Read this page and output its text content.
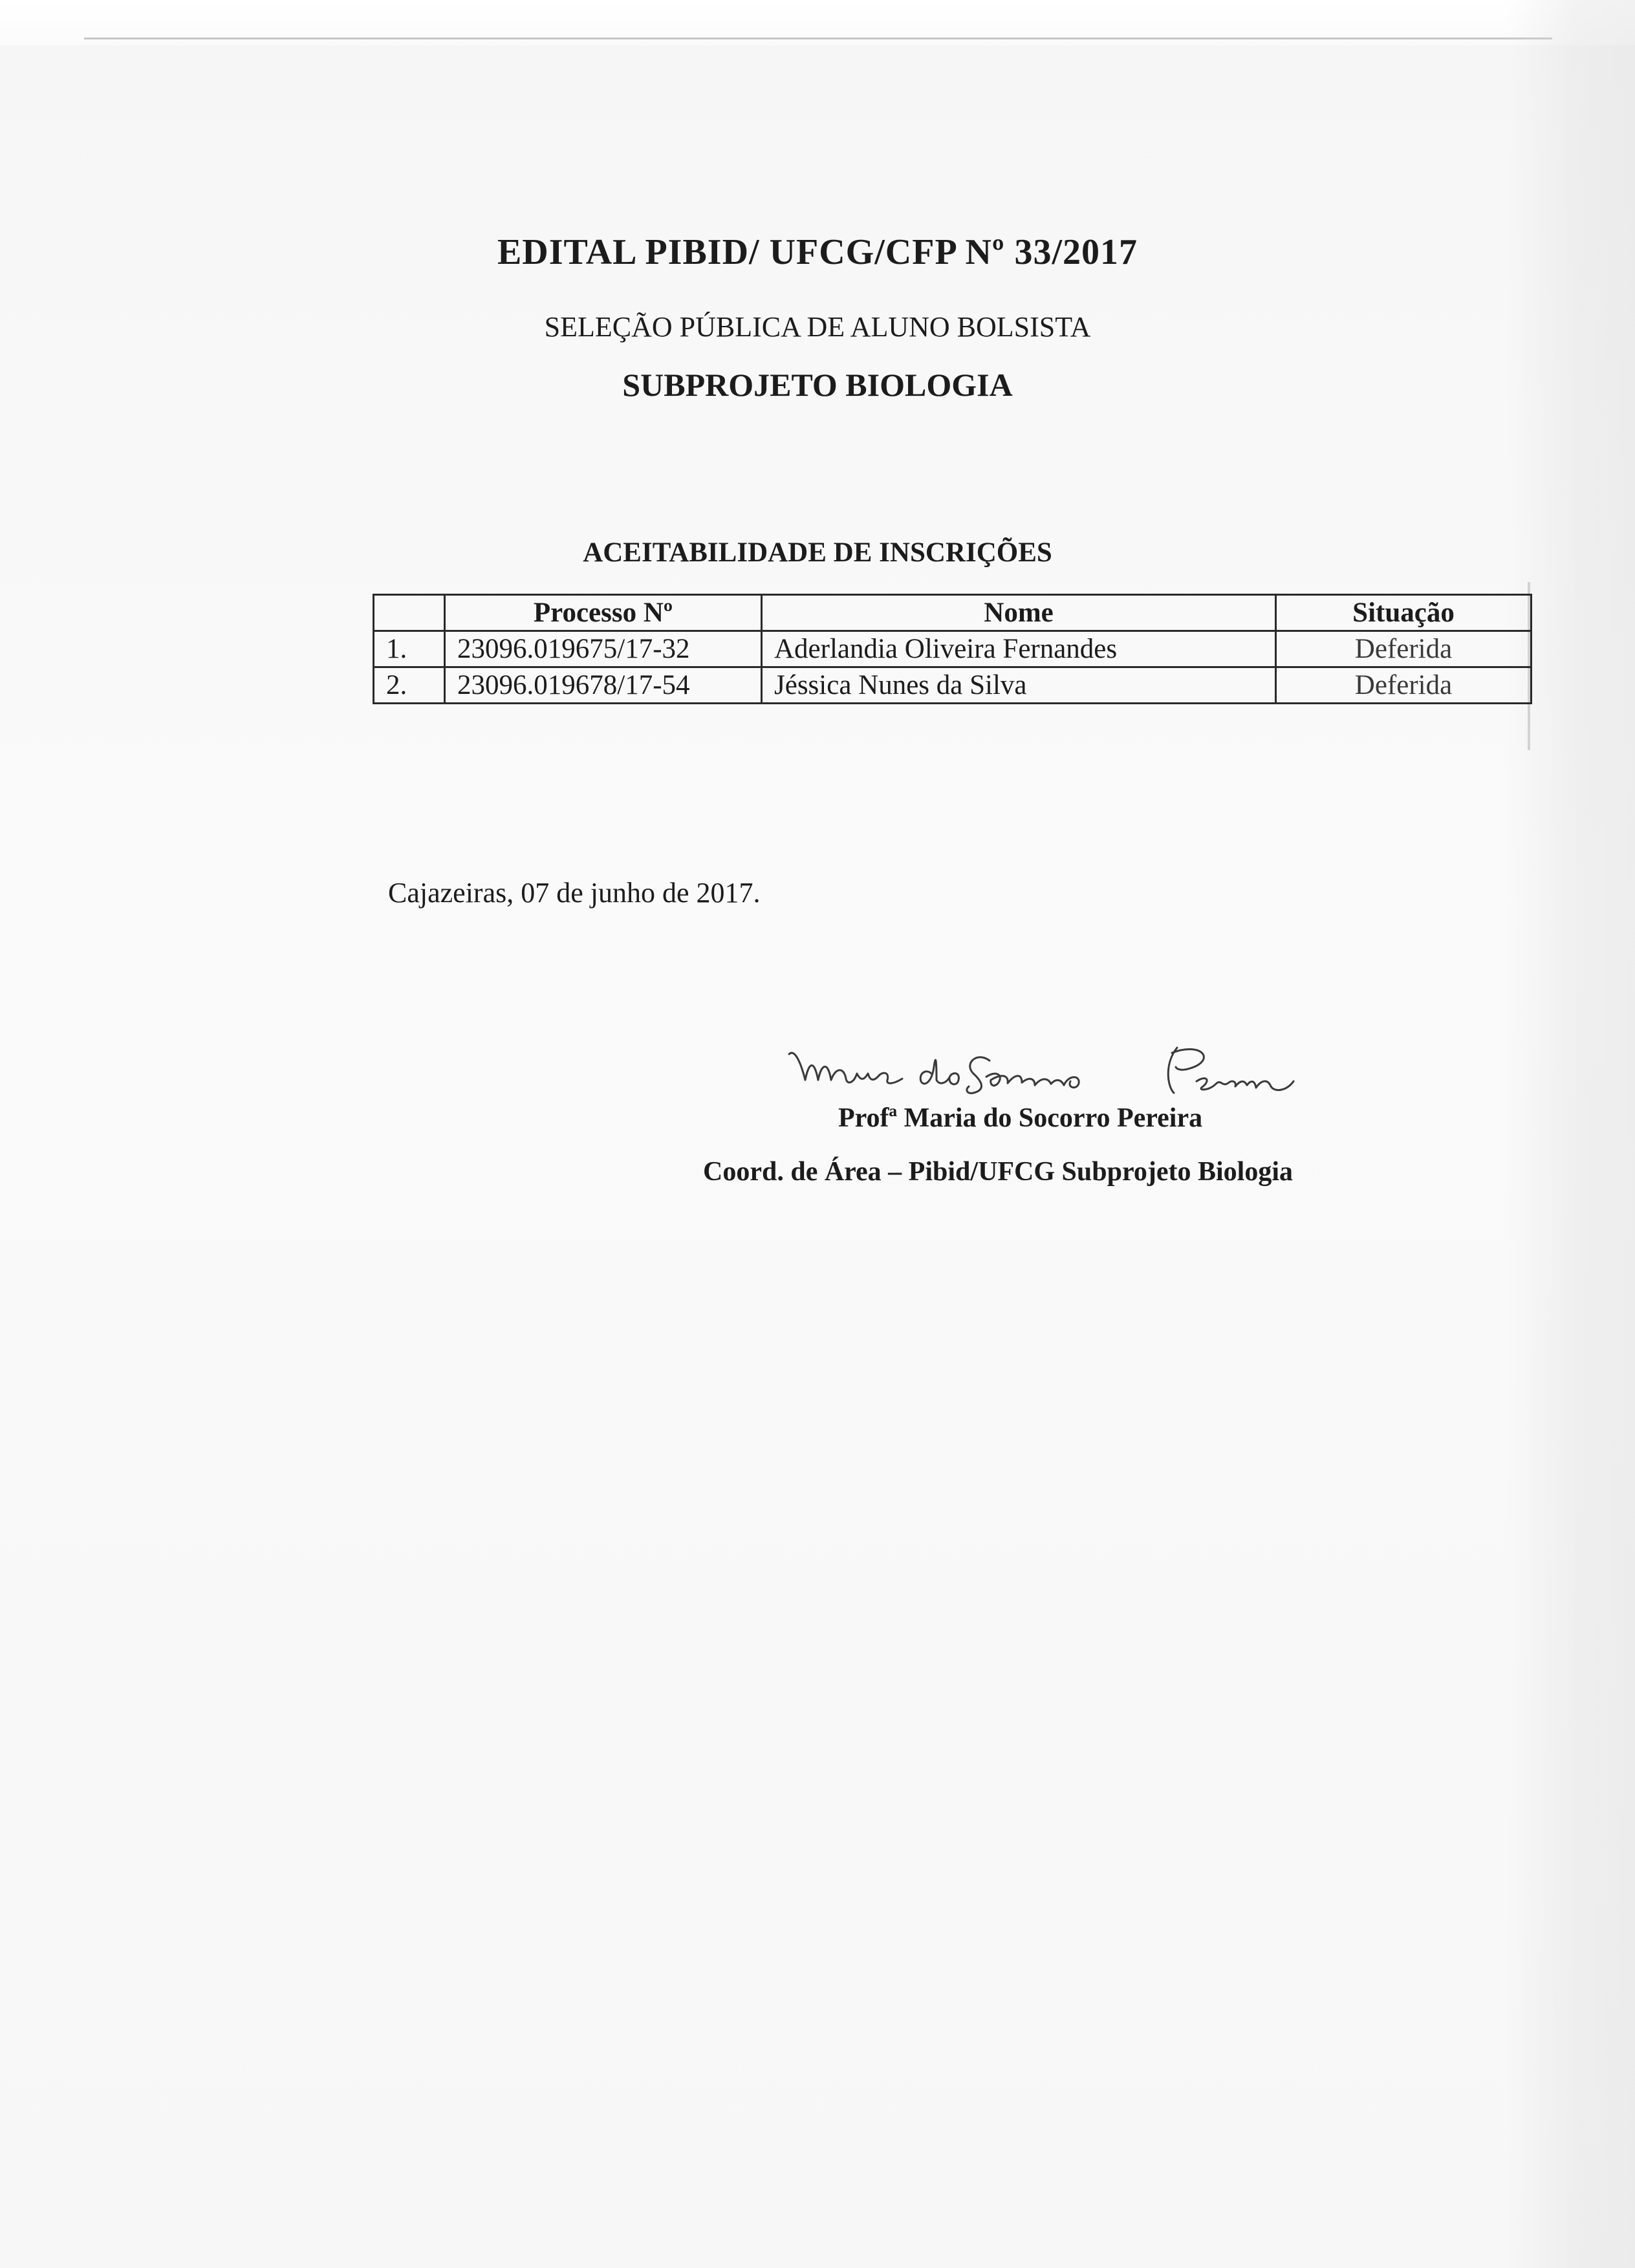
EDITAL PIBID/ UFCG/CFP Nº 33/2017
SELEÇÃO PÚBLICA DE ALUNO BOLSISTA
SUBPROJETO BIOLOGIA
ACEITABILIDADE DE INSCRIÇÕES
	Processo Nº	Nome	Situação
1.	23096.019675/17-32	Aderlandia Oliveira Fernandes	Deferida
2.	23096.019678/17-54	Jéssica Nunes da Silva	Deferida
Cajazeiras, 07 de junho de 2017.
Profª Maria do Socorro Pereira
Coord. de Área – Pibid/UFCG Subprojeto Biologia
